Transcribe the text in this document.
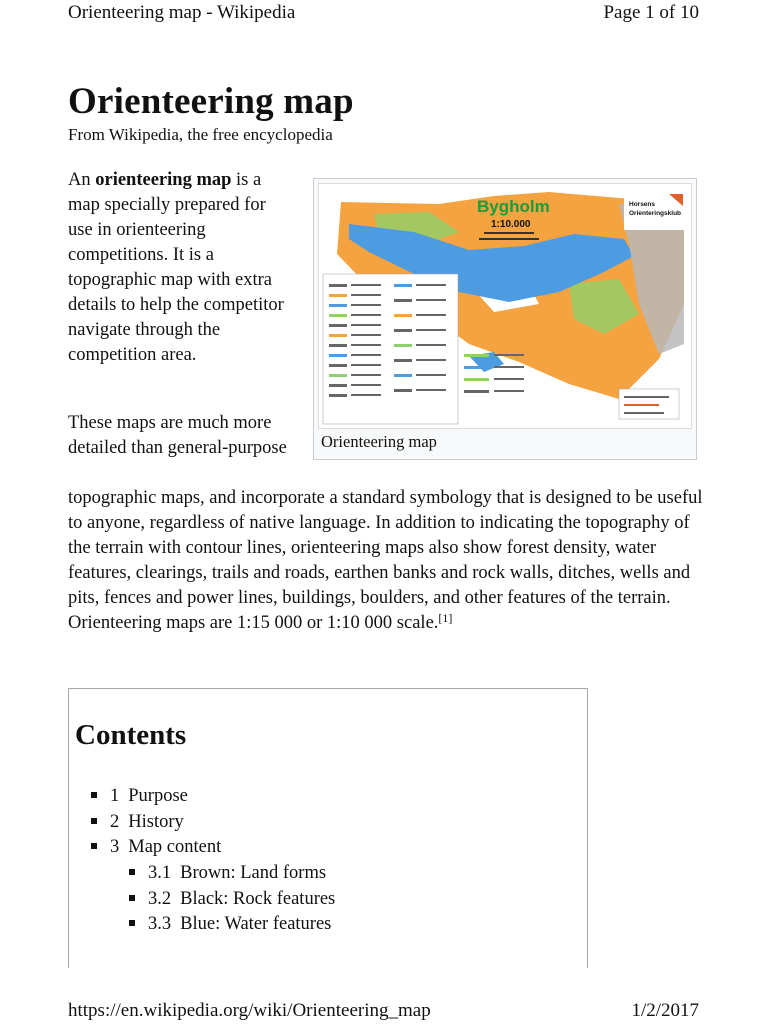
Orienteering map - Wikipedia	Page 1 of 10
Orienteering map
From Wikipedia, the free encyclopedia
An orienteering map is a map specially prepared for use in orienteering competitions. It is a topographic map with extra details to help the competitor navigate through the competition area.
These maps are much more detailed than general-purpose
topographic maps, and incorporate a standard symbology that is designed to be useful to anyone, regardless of native language. In addition to indicating the topography of the terrain with contour lines, orienteering maps also show forest density, water features, clearings, trails and roads, earthen banks and rock walls, ditches, wells and pits, fences and power lines, buildings, boulders, and other features of the terrain. Orienteering maps are 1:15 000 or 1:10 000 scale.[1]
Bygholm
1:10.000
Horsens
Orienteringsklub
Orienteering map
Contents
1 Purpose
2 History
3 Map content
3.1 Brown: Land forms
3.2 Black: Rock features
3.3 Blue: Water features
https://en.wikipedia.org/wiki/Orienteering_map	1/2/2017
